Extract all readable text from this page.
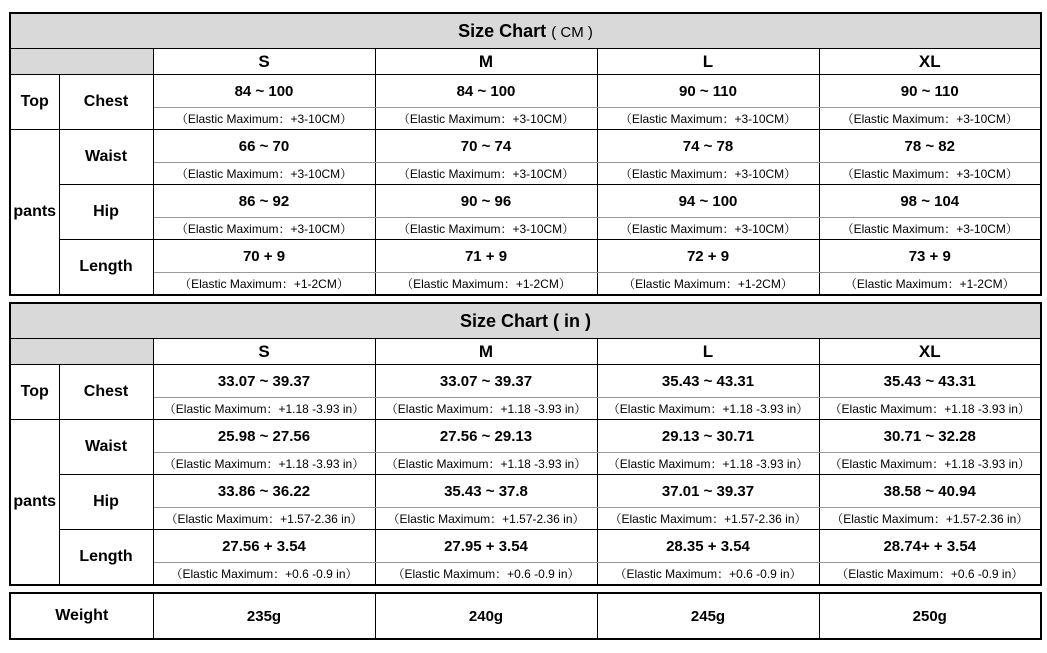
Size Chart ( CM )					
		S	M	L	XL
Top	Chest	84 ~ 100	84 ~ 100	90 ~ 110	90 ~ 110
		（Elastic Maximum：+3-10CM）	（Elastic Maximum：+3-10CM）	（Elastic Maximum：+3-10CM）	（Elastic Maximum：+3-10CM）
pants	Waist	66 ~ 70	70 ~ 74	74 ~ 78	78 ~ 82
		（Elastic Maximum：+3-10CM）	（Elastic Maximum：+3-10CM）	（Elastic Maximum：+3-10CM）	（Elastic Maximum：+3-10CM）
	Hip	86 ~ 92	90 ~ 96	94 ~ 100	98 ~ 104
		（Elastic Maximum：+3-10CM）	（Elastic Maximum：+3-10CM）	（Elastic Maximum：+3-10CM）	（Elastic Maximum：+3-10CM）
	Length	70 + 9	71 + 9	72 + 9	73 + 9
		（Elastic Maximum：+1-2CM）	（Elastic Maximum：+1-2CM）	（Elastic Maximum：+1-2CM）	（Elastic Maximum：+1-2CM）
Size Chart ( in )					
		S	M	L	XL
Top	Chest	33.07 ~ 39.37	33.07 ~ 39.37	35.43 ~ 43.31	35.43 ~ 43.31
		（Elastic Maximum：+1.18 -3.93 in）	（Elastic Maximum：+1.18 -3.93 in）	（Elastic Maximum：+1.18 -3.93 in）	（Elastic Maximum：+1.18 -3.93 in）
pants	Waist	25.98 ~ 27.56	27.56 ~ 29.13	29.13 ~ 30.71	30.71 ~ 32.28
		（Elastic Maximum：+1.18 -3.93 in）	（Elastic Maximum：+1.18 -3.93 in）	（Elastic Maximum：+1.18 -3.93 in）	（Elastic Maximum：+1.18 -3.93 in）
	Hip	33.86 ~ 36.22	35.43 ~ 37.8	37.01 ~ 39.37	38.58 ~ 40.94
		（Elastic Maximum：+1.57-2.36 in）	（Elastic Maximum：+1.57-2.36 in）	（Elastic Maximum：+1.57-2.36 in）	（Elastic Maximum：+1.57-2.36 in）
	Length	27.56 + 3.54	27.95 + 3.54	28.35 + 3.54	28.74+ + 3.54
		（Elastic Maximum：+0.6 -0.9 in）	（Elastic Maximum：+0.6 -0.9 in）	（Elastic Maximum：+0.6 -0.9 in）	（Elastic Maximum：+0.6 -0.9 in）
Weight	235g	240g	245g	250g
